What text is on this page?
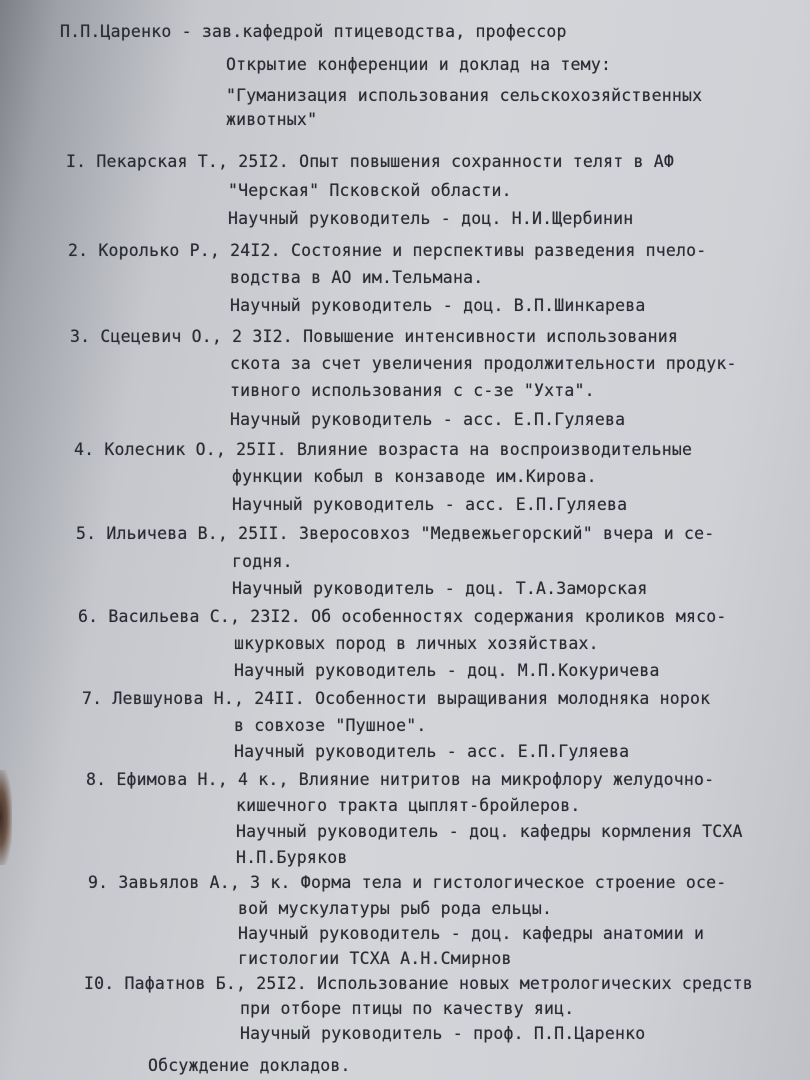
П.П.Царенко - зав.кафедрой птицеводства, профессор
Открытие конференции и доклад на тему:
"Гуманизация использования сельскохозяйственных
животных"
I. Пекарская Т., 25I2. Опыт повышения сохранности телят в АФ
"Черская" Псковской области.
Научный руководитель - доц. Н.И.Щербинин
2. Королько Р., 24I2. Состояние и перспективы разведения пчело-
водства в АО им.Тельмана.
Научный руководитель - доц. В.П.Шинкарева
3. Сцецевич О., 2 3I2. Повышение интенсивности использования
скота за счет увеличения продолжительности продук-
тивного использования с с-зе "Ухта".
Научный руководитель - асс. Е.П.Гуляева
4. Колесник О., 25II. Влияние возраста на воспроизводительные
функции кобыл в конзаводе им.Кирова.
Научный руководитель - асс. Е.П.Гуляева
5. Ильичева В., 25II. Зверосовхоз "Медвежьегорский" вчера и се-
годня.
Научный руководитель - доц. Т.А.Заморская
6. Васильева С., 23I2. Об особенностях содержания кроликов мясо-
шкурковых пород в личных хозяйствах.
Научный руководитель - доц. М.П.Кокуричева
7. Левшунова Н., 24II. Особенности выращивания молодняка норок
в совхозе "Пушное".
Научный руководитель - асс. Е.П.Гуляева
8. Ефимова Н., 4 к., Влияние нитритов на микрофлору желудочно-
кишечного тракта цыплят-бройлеров.
Научный руководитель - доц. кафедры кормления ТСХА
Н.П.Буряков
9. Завьялов А., 3 к. Форма тела и гистологическое строение осе-
вой мускулатуры рыб рода ельцы.
Научный руководитель - доц. кафедры анатомии и
гистологии ТСХА А.Н.Смирнов
I0. Пафатнов Б., 25I2. Использование новых метрологических средств
при отборе птицы по качеству яиц.
Научный руководитель - проф. П.П.Царенко
Обсуждение докладов.
